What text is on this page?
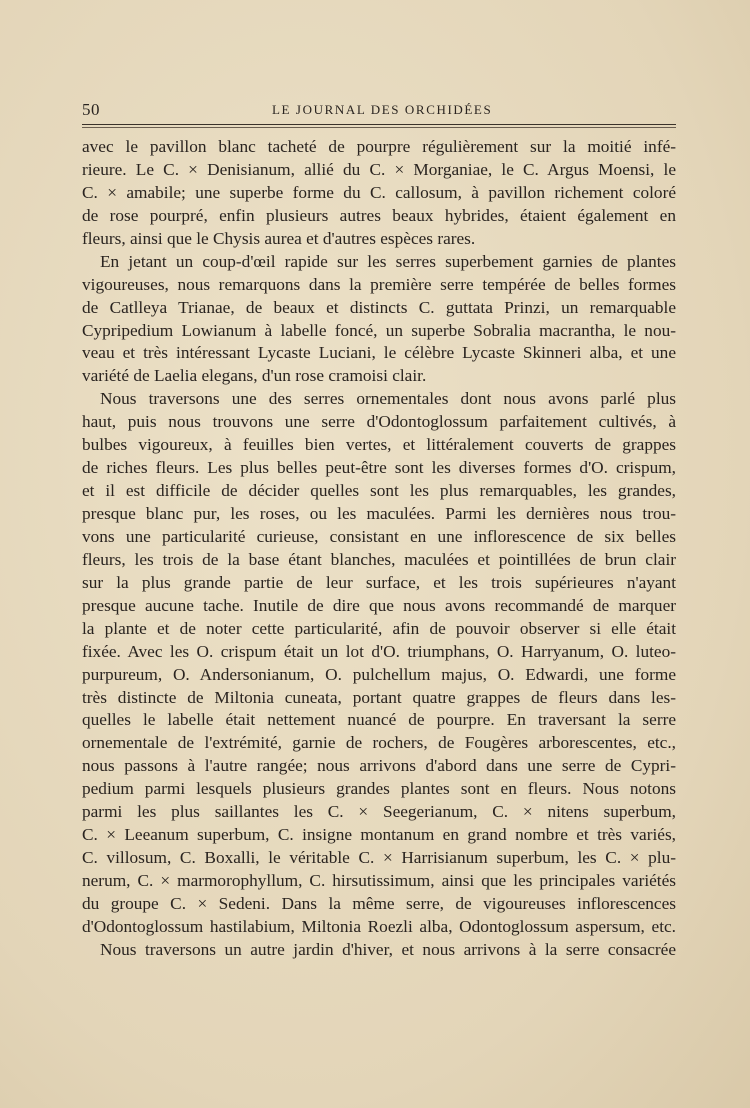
50	LE JOURNAL DES ORCHIDÉES
avec le pavillon blanc tacheté de pourpre régulièrement sur la moitié infé-
rieure. Le C. × Denisianum, allié du C. × Morganiae, le C. Argus Moensi, le
C. × amabile; une superbe forme du C. callosum, à pavillon richement coloré
de rose pourpré, enfin plusieurs autres beaux hybrides, étaient également en
fleurs, ainsi que le Chysis aurea et d'autres espèces rares.
En jetant un coup-d'œil rapide sur les serres superbement garnies de plantes
vigoureuses, nous remarquons dans la première serre tempérée de belles formes
de Catlleya Trianae, de beaux et distincts C. guttata Prinzi, un remarquable
Cypripedium Lowianum à labelle foncé, un superbe Sobralia macrantha, le nou-
veau et très intéressant Lycaste Luciani, le célèbre Lycaste Skinneri alba, et une
variété de Laelia elegans, d'un rose cramoisi clair.
Nous traversons une des serres ornementales dont nous avons parlé plus
haut, puis nous trouvons une serre d'Odontoglossum parfaitement cultivés, à
bulbes vigoureux, à feuilles bien vertes, et littéralement couverts de grappes
de riches fleurs. Les plus belles peut-être sont les diverses formes d'O. crispum,
et il est difficile de décider quelles sont les plus remarquables, les grandes,
presque blanc pur, les roses, ou les maculées. Parmi les dernières nous trou-
vons une particularité curieuse, consistant en une inflorescence de six belles
fleurs, les trois de la base étant blanches, maculées et pointillées de brun clair
sur la plus grande partie de leur surface, et les trois supérieures n'ayant
presque aucune tache. Inutile de dire que nous avons recommandé de marquer
la plante et de noter cette particularité, afin de pouvoir observer si elle était
fixée. Avec les O. crispum était un lot d'O. triumphans, O. Harryanum, O. luteo-
purpureum, O. Andersonianum, O. pulchellum majus, O. Edwardi, une forme
très distincte de Miltonia cuneata, portant quatre grappes de fleurs dans les-
quelles le labelle était nettement nuancé de pourpre. En traversant la serre
ornementale de l'extrémité, garnie de rochers, de Fougères arborescentes, etc.,
nous passons à l'autre rangée; nous arrivons d'abord dans une serre de Cypri-
pedium parmi lesquels plusieurs grandes plantes sont en fleurs. Nous notons
parmi les plus saillantes les C. × Seegerianum, C. × nitens superbum,
C. × Leeanum superbum, C. insigne montanum en grand nombre et très variés,
C. villosum, C. Boxalli, le véritable C. × Harrisianum superbum, les C. × plu-
nerum, C. × marmorophyllum, C. hirsutissimum, ainsi que les principales variétés
du groupe C. × Sedeni. Dans la même serre, de vigoureuses inflorescences
d'Odontoglossum hastilabium, Miltonia Roezli alba, Odontoglossum aspersum, etc.
Nous traversons un autre jardin d'hiver, et nous arrivons à la serre consacrée
